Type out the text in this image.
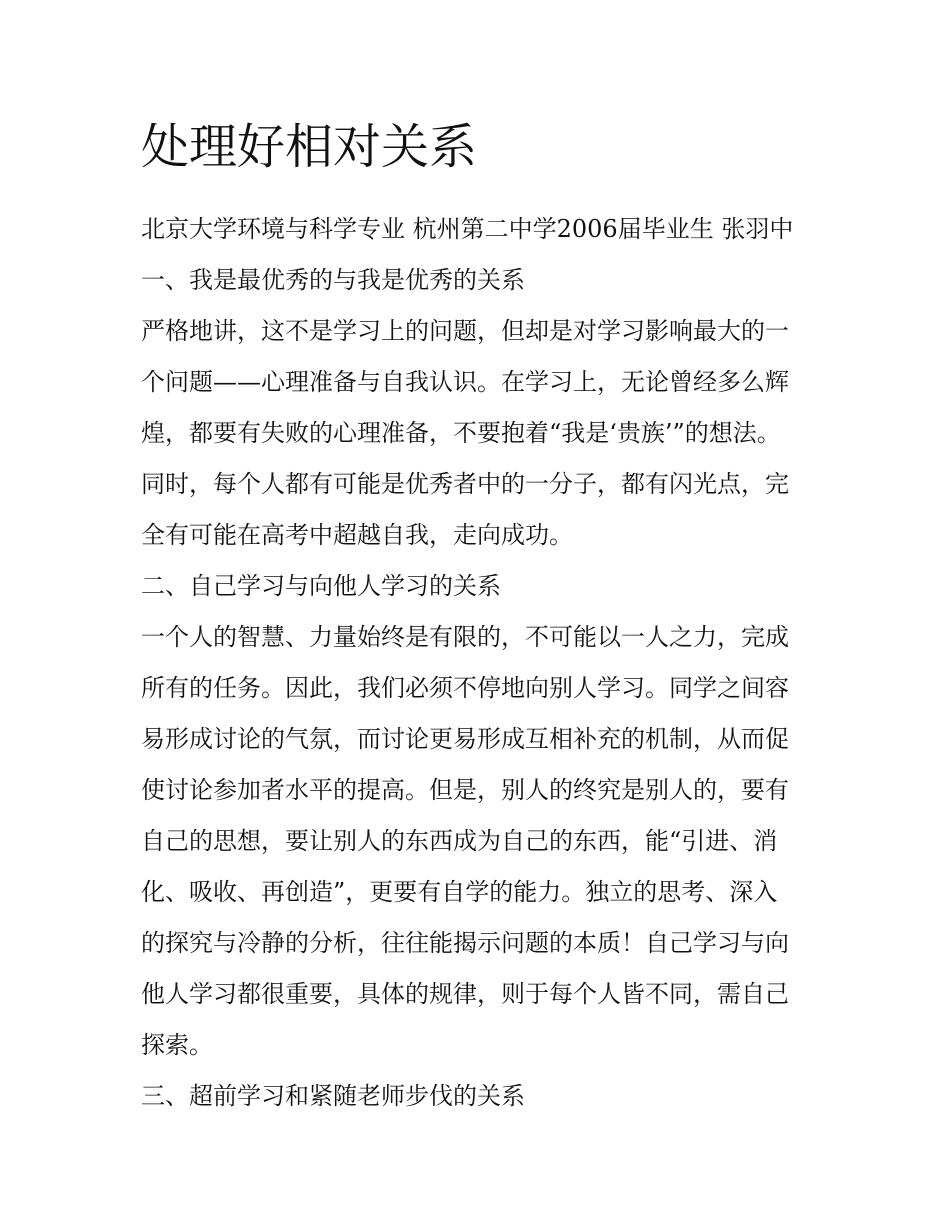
处理好相对关系

北京大学环境与科学专业 杭州第二中学2006届毕业生 张羽中

一、我是最优秀的与我是优秀的关系

严格地讲，这不是学习上的问题，但却是对学习影响最大的一
个问题——心理准备与自我认识。在学习上，无论曾经多么辉
煌，都要有失败的心理准备，不要抱着“我是‘贵族’”的想法。
同时，每个人都有可能是优秀者中的一分子，都有闪光点，完
全有可能在高考中超越自我，走向成功。

二、自己学习与向他人学习的关系

一个人的智慧、力量始终是有限的，不可能以一人之力，完成
所有的任务。因此，我们必须不停地向别人学习。同学之间容
易形成讨论的气氛，而讨论更易形成互相补充的机制，从而促
使讨论参加者水平的提高。但是，别人的终究是别人的，要有
自己的思想，要让别人的东西成为自己的东西，能“引进、消
化、吸收、再创造”，更要有自学的能力。独立的思考、深入
的探究与冷静的分析，往往能揭示问题的本质！自己学习与向
他人学习都很重要，具体的规律，则于每个人皆不同，需自己
探索。

三、超前学习和紧随老师步伐的关系
